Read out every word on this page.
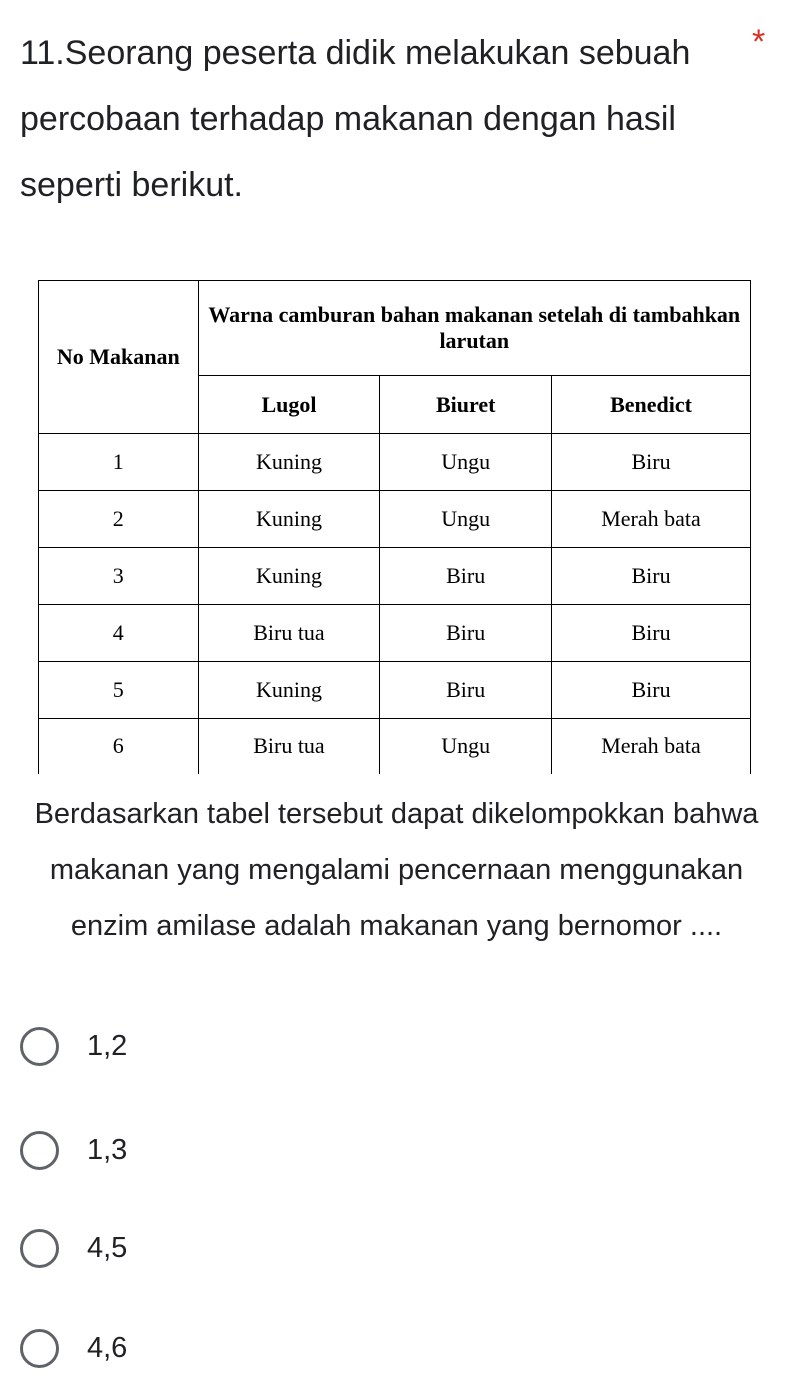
11.Seorang peserta didik melakukan sebuah percobaan terhadap makanan dengan hasil seperti berikut.

*
No Makanan	Warna camburan bahan makanan setelah di tambahkan larutan		
	Lugol	Biuret	Benedict
1	Kuning	Ungu	Biru
2	Kuning	Ungu	Merah bata
3	Kuning	Biru	Biru
4	Biru tua	Biru	Biru
5	Kuning	Biru	Biru
6	Biru tua	Ungu	Merah bata

Berdasarkan tabel tersebut dapat dikelompokkan bahwa makanan yang mengalami pencernaan menggunakan enzim amilase adalah makanan yang bernomor ....

1,2
1,3
4,5
4,6
